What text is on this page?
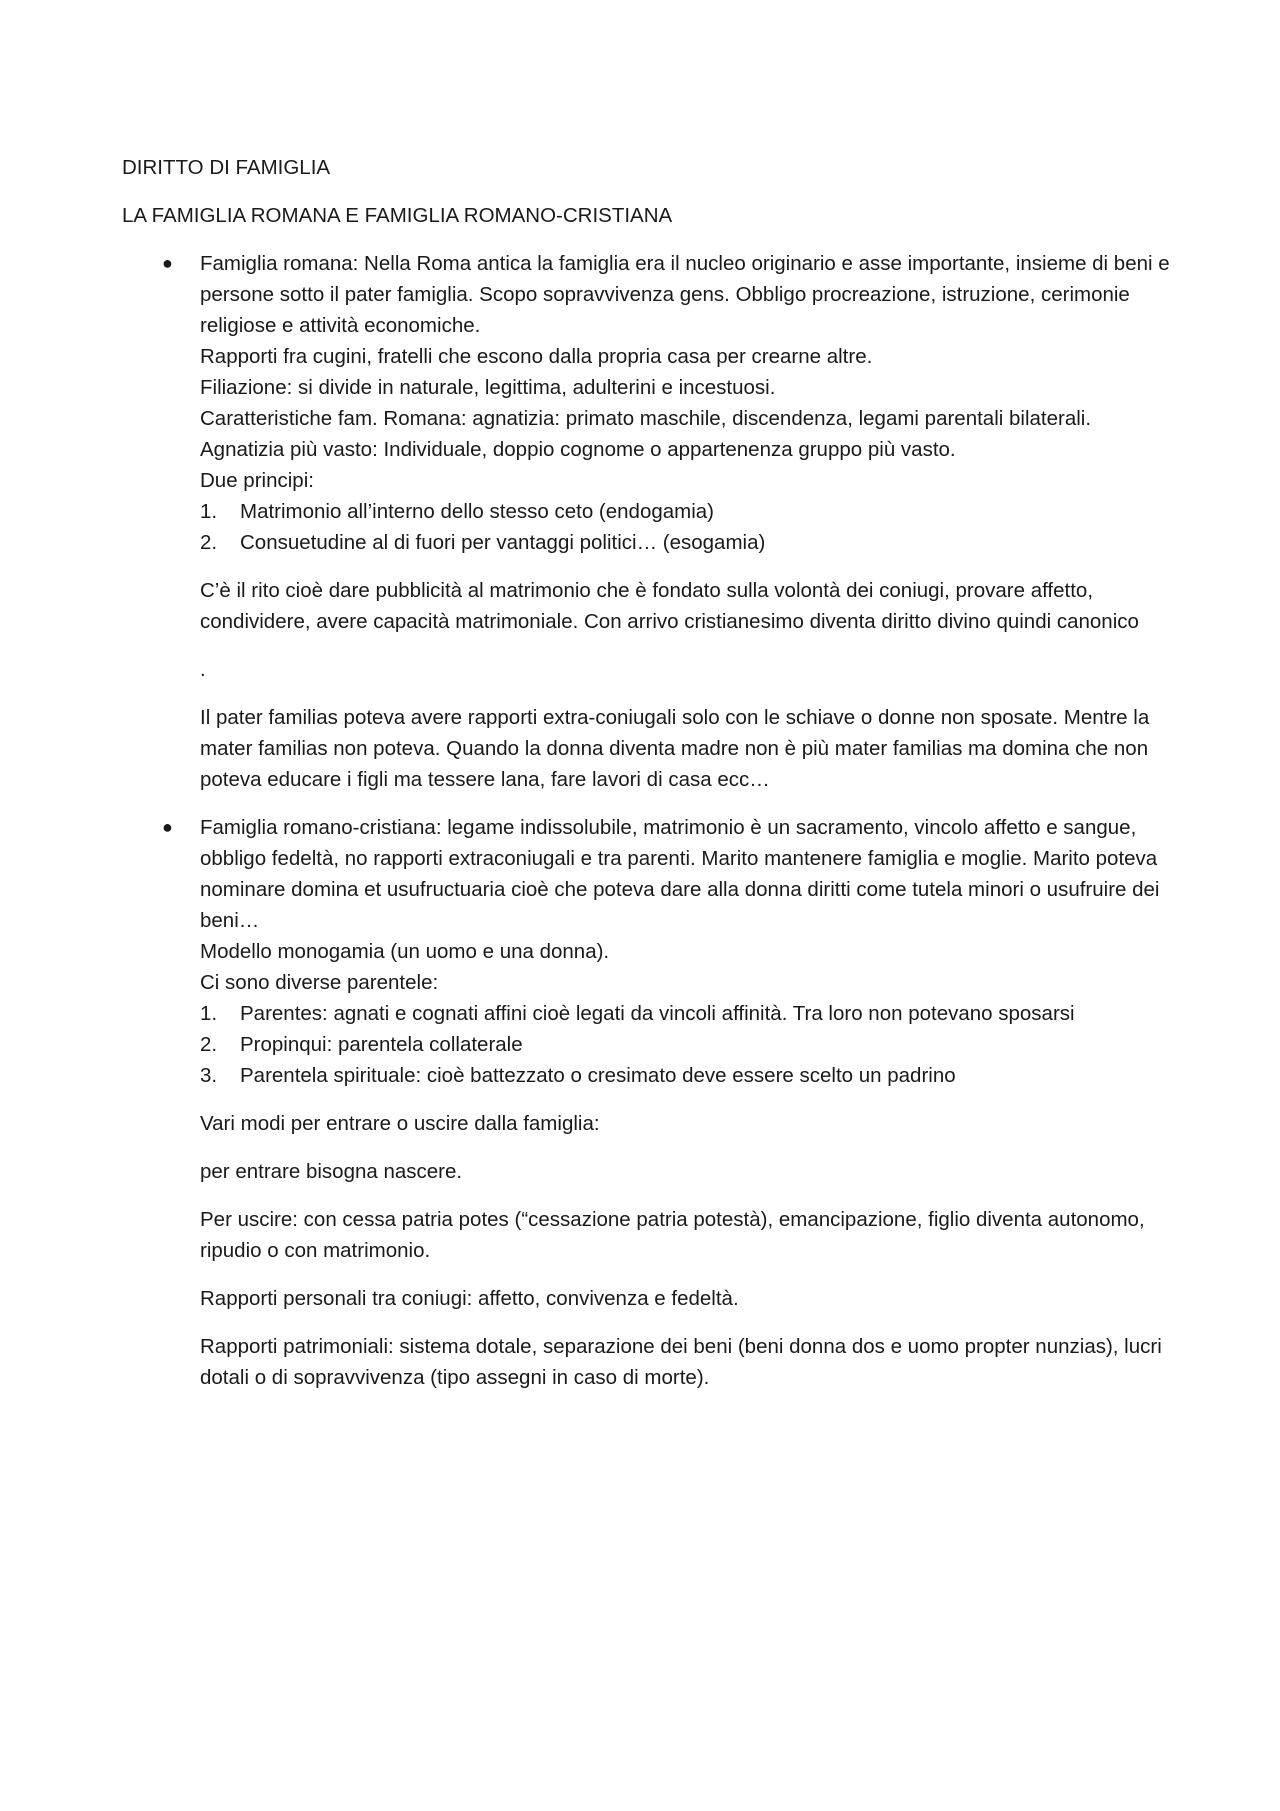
DIRITTO DI FAMIGLIA

LA FAMIGLIA ROMANA E FAMIGLIA ROMANO-CRISTIANA

● Famiglia romana: Nella Roma antica la famiglia era il nucleo originario e asse importante, insieme di beni e persone sotto il pater famiglia. Scopo sopravvivenza gens. Obbligo procreazione, istruzione, cerimonie religiose e attività economiche.
Rapporti fra cugini, fratelli che escono dalla propria casa per crearne altre.
Filiazione: si divide in naturale, legittima, adulterini e incestuosi.
Caratteristiche fam. Romana: agnatizia: primato maschile, discendenza, legami parentali bilaterali.
Agnatizia più vasto: Individuale, doppio cognome o appartenenza gruppo più vasto.
Due principi:
1. Matrimonio all’interno dello stesso ceto (endogamia)
2. Consuetudine al di fuori per vantaggi politici… (esogamia)

C’è il rito cioè dare pubblicità al matrimonio che è fondato sulla volontà dei coniugi, provare affetto, condividere, avere capacità matrimoniale. Con arrivo cristianesimo diventa diritto divino quindi canonico

.

Il pater familias poteva avere rapporti extra-coniugali solo con le schiave o donne non sposate. Mentre la mater familias non poteva. Quando la donna diventa madre non è più mater familias ma domina che non poteva educare i figli ma tessere lana, fare lavori di casa ecc…

● Famiglia romano-cristiana: legame indissolubile, matrimonio è un sacramento, vincolo affetto e sangue, obbligo fedeltà, no rapporti extraconiugali e tra parenti. Marito mantenere famiglia e moglie. Marito poteva nominare domina et usufructuaria cioè che poteva dare alla donna diritti come tutela minori o usufruire dei beni…
Modello monogamia (un uomo e una donna).
Ci sono diverse parentele:
1. Parentes: agnati e cognati affini cioè legati da vincoli affinità. Tra loro non potevano sposarsi
2. Propinqui: parentela collaterale
3. Parentela spirituale: cioè battezzato o cresimato deve essere scelto un padrino

Vari modi per entrare o uscire dalla famiglia:

per entrare bisogna nascere.

Per uscire: con cessa patria potes (“cessazione patria potestà), emancipazione, figlio diventa autonomo, ripudio o con matrimonio.

Rapporti personali tra coniugi: affetto, convivenza e fedeltà.

Rapporti patrimoniali: sistema dotale, separazione dei beni (beni donna dos e uomo propter nunzias), lucri dotali o di sopravvivenza (tipo assegni in caso di morte).
